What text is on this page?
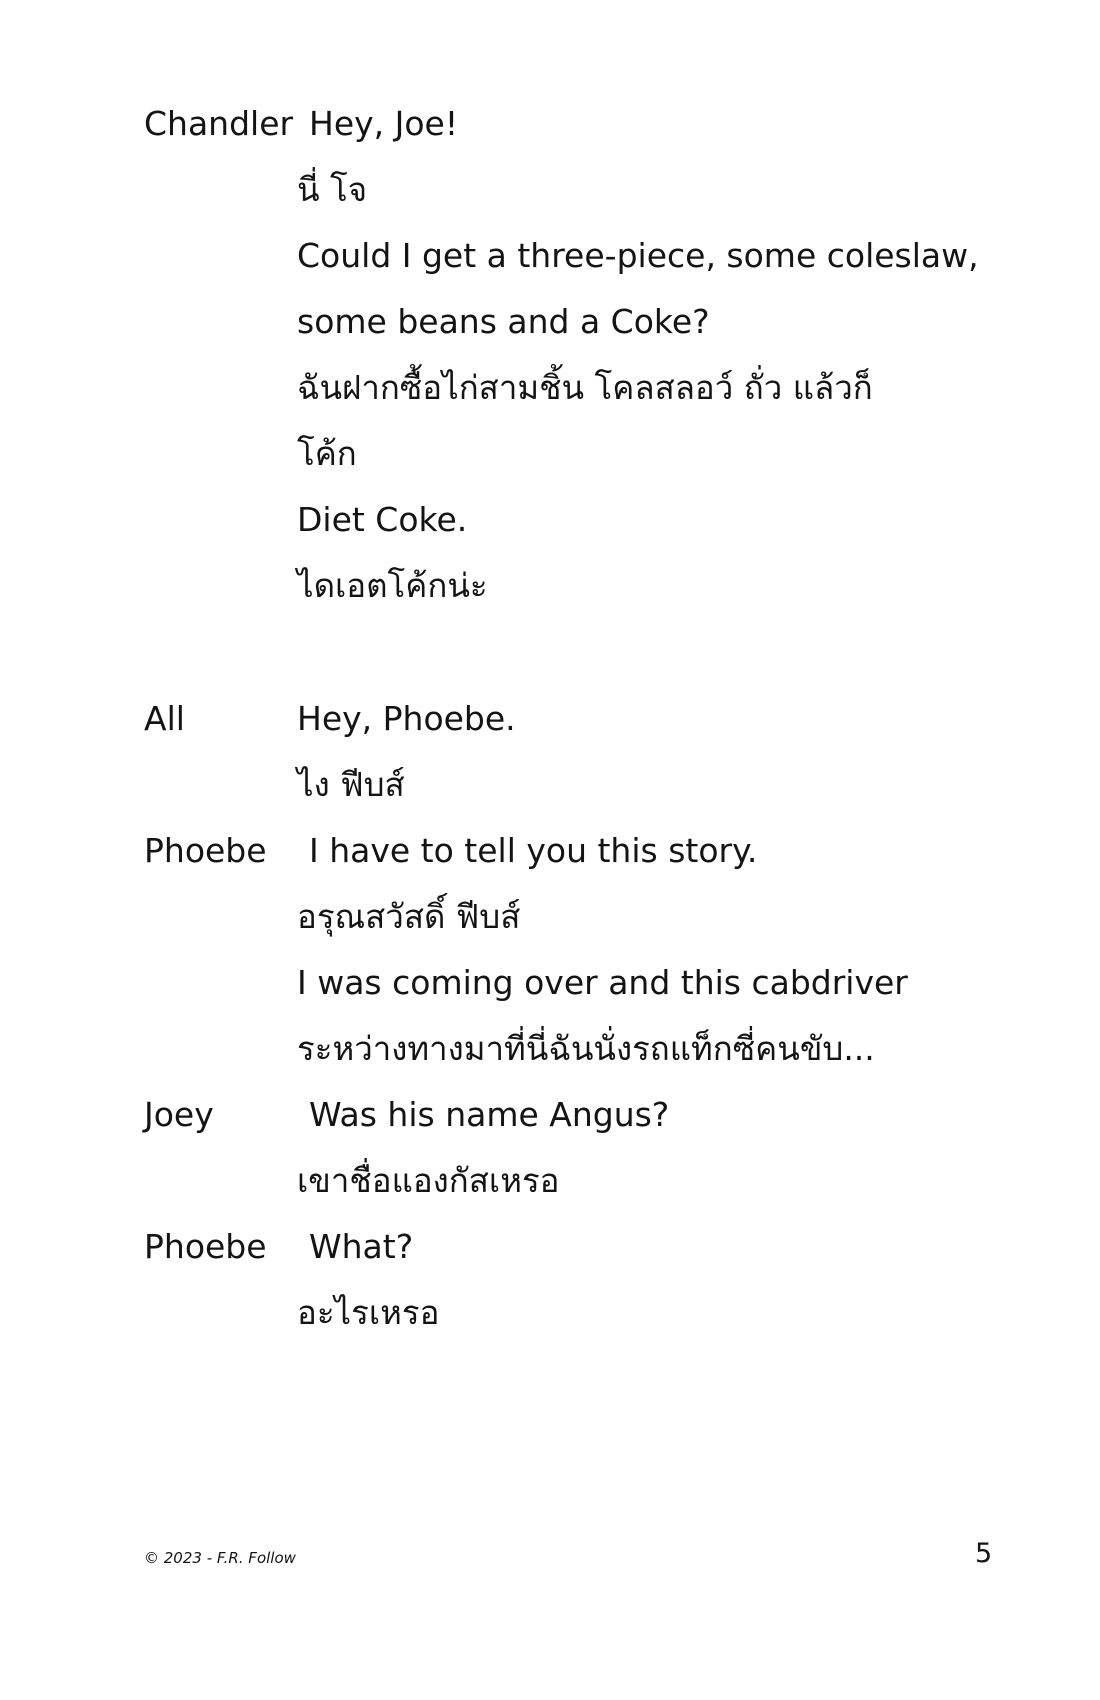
Chandler Hey, Joe!
นี่ โจ
Could I get a three-piece, some coleslaw,
some beans and a Coke?
ฉันฝากซื้อไก่สามชิ้น โคลสลอว์ ถั่ว แล้วก็
โค้ก
Diet Coke.
ไดเอตโค้กน่ะ
All	Hey, Phoebe.
ไง ฟีบส์
Phoebe I have to tell you this story.
อรุณสวัสดิ์ ฟีบส์
I was coming over and this cabdriver
ระหว่างทางมาที่นี่ฉันนั่งรถแท็กซี่คนขับ...
Joey	Was his name Angus?
เขาชื่อแองกัสเหรอ
Phoebe What?
อะไรเหรอ
© 2023 - F.R. Follow	5
